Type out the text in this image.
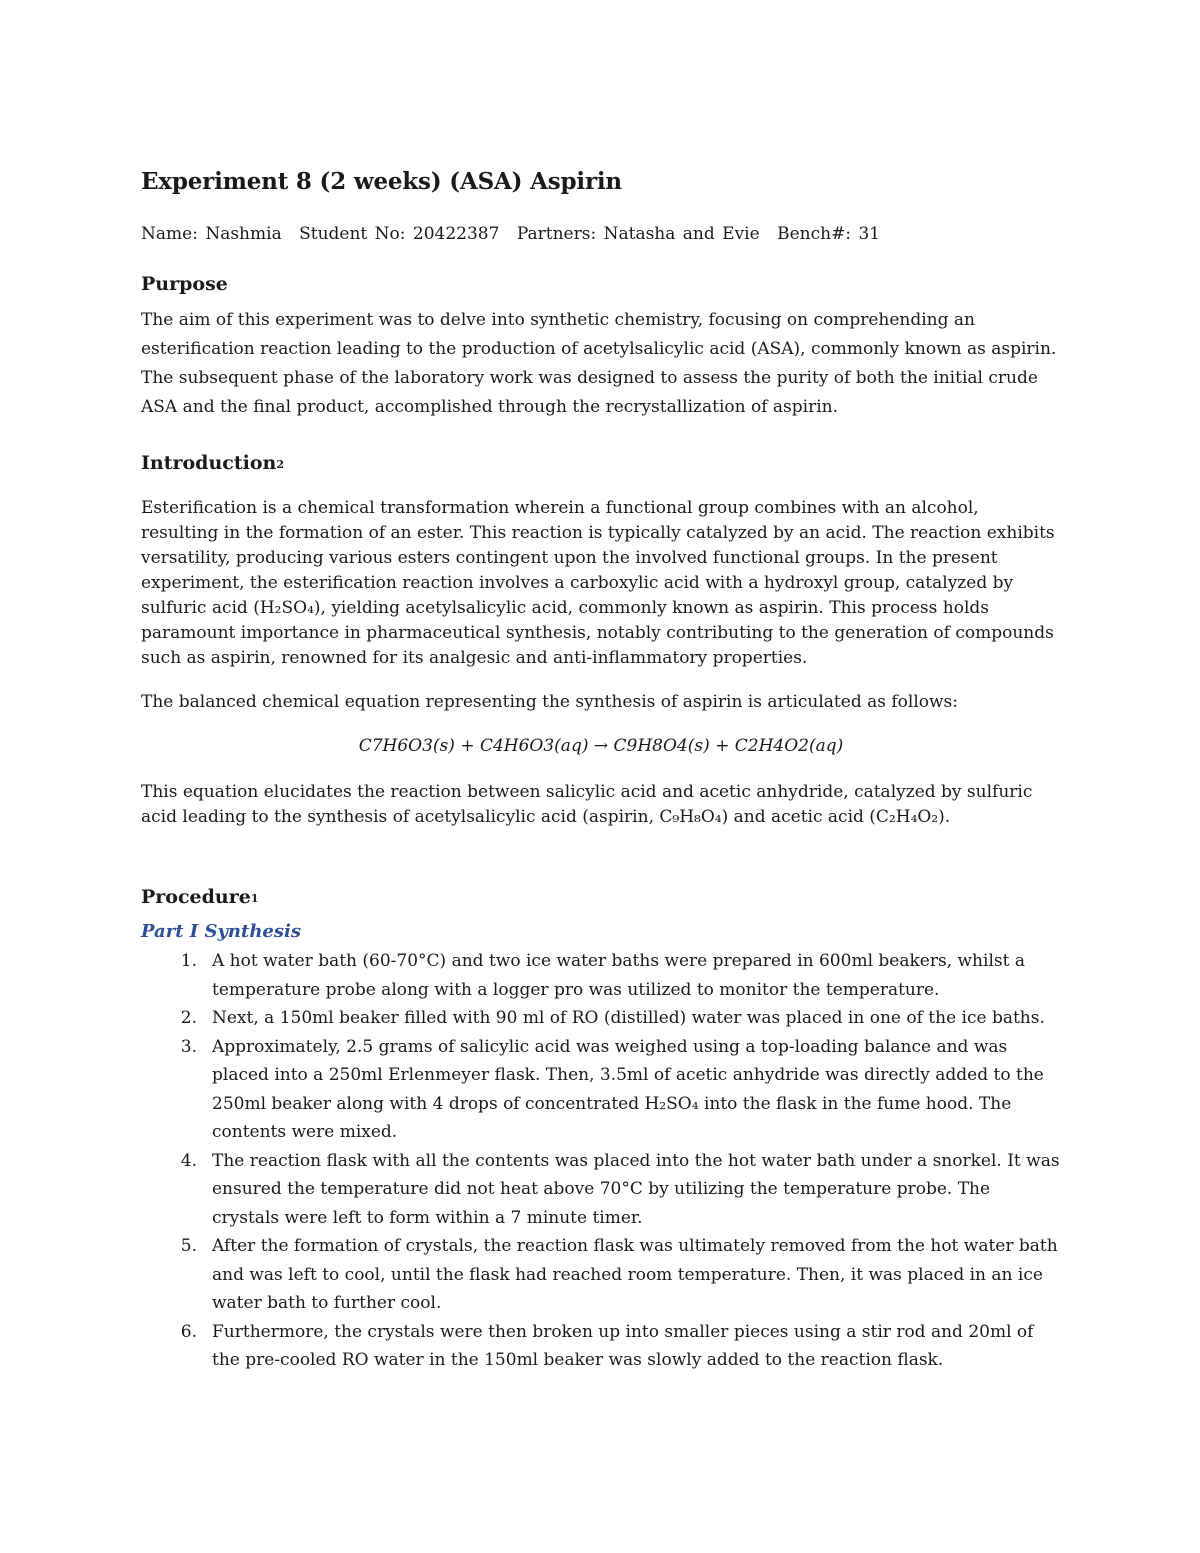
Experiment 8 (2 weeks) (ASA) Aspirin
Name: Nashmia Student No: 20422387 Partners: Natasha and Evie Bench#: 31
Purpose

The aim of this experiment was to delve into synthetic chemistry, focusing on comprehending an esterification reaction leading to the production of acetylsalicylic acid (ASA), commonly known as aspirin. The subsequent phase of the laboratory work was designed to assess the purity of both the initial crude ASA and the final product, accomplished through the recrystallization of aspirin.

Introduction$^2$

Esterification is a chemical transformation wherein a functional group combines with an alcohol, resulting in the formation of an ester. This reaction is typically catalyzed by an acid. The reaction exhibits versatility, producing various esters contingent upon the involved functional groups. In the present experiment, the esterification reaction involves a carboxylic acid with a hydroxyl group, catalyzed by sulfuric acid (H₂SO₄), yielding acetylsalicylic acid, commonly known as aspirin. This process holds paramount importance in pharmaceutical synthesis, notably contributing to the generation of compounds such as aspirin, renowned for its analgesic and anti-inflammatory properties.

The balanced chemical equation representing the synthesis of aspirin is articulated as follows:

C7H6O3(s) + C4H6O3(aq) → C9H8O4(s) + C2H4O2(aq)

This equation elucidates the reaction between salicylic acid and acetic anhydride, catalyzed by sulfuric acid leading to the synthesis of acetylsalicylic acid (aspirin, C₉H₈O₄) and acetic acid (C₂H₄O₂).

Procedure$^1$
Part I Synthesis
1. A hot water bath (60-70°C) and two ice water baths were prepared in 600ml beakers, whilst a temperature probe along with a logger pro was utilized to monitor the temperature.
2. Next, a 150ml beaker filled with 90 ml of RO (distilled) water was placed in one of the ice baths.
3. Approximately, 2.5 grams of salicylic acid was weighed using a top-loading balance and was placed into a 250ml Erlenmeyer flask. Then, 3.5ml of acetic anhydride was directly added to the 250ml beaker along with 4 drops of concentrated H₂SO₄ into the flask in the fume hood. The contents were mixed.
4. The reaction flask with all the contents was placed into the hot water bath under a snorkel. It was ensured the temperature did not heat above 70°C by utilizing the temperature probe. The crystals were left to form within a 7 minute timer.
5. After the formation of crystals, the reaction flask was ultimately removed from the hot water bath and was left to cool, until the flask had reached room temperature. Then, it was placed in an ice water bath to further cool.
6. Furthermore, the crystals were then broken up into smaller pieces using a stir rod and 20ml of the pre-cooled RO water in the 150ml beaker was slowly added to the reaction flask.
